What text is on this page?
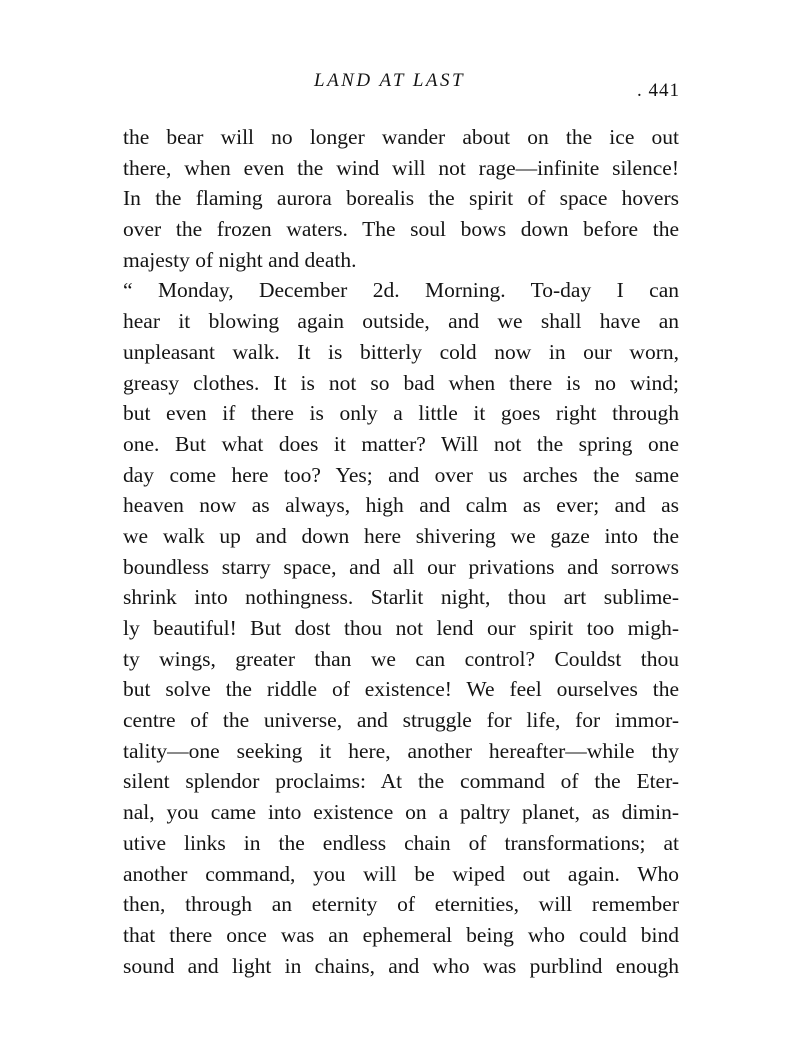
LAND AT LAST	. 441
the bear will no longer wander about on the ice out
there, when even the wind will not rage—infinite silence!
In the flaming aurora borealis the spirit of space hovers
over the frozen waters. The soul bows down before the
majesty of night and death.
“ Monday, December 2d. Morning. To-day I can
hear it blowing again outside, and we shall have an
unpleasant walk. It is bitterly cold now in our worn,
greasy clothes. It is not so bad when there is no wind;
but even if there is only a little it goes right through
one. But what does it matter? Will not the spring one
day come here too? Yes; and over us arches the same
heaven now as always, high and calm as ever; and as
we walk up and down here shivering we gaze into the
boundless starry space, and all our privations and sorrows
shrink into nothingness. Starlit night, thou art sublime-
ly beautiful! But dost thou not lend our spirit too migh-
ty wings, greater than we can control? Couldst thou
but solve the riddle of existence! We feel ourselves the
centre of the universe, and struggle for life, for immor-
tality—one seeking it here, another hereafter—while thy
silent splendor proclaims: At the command of the Eter-
nal, you came into existence on a paltry planet, as dimin-
utive links in the endless chain of transformations; at
another command, you will be wiped out again. Who
then, through an eternity of eternities, will remember
that there once was an ephemeral being who could bind
sound and light in chains, and who was purblind enough
